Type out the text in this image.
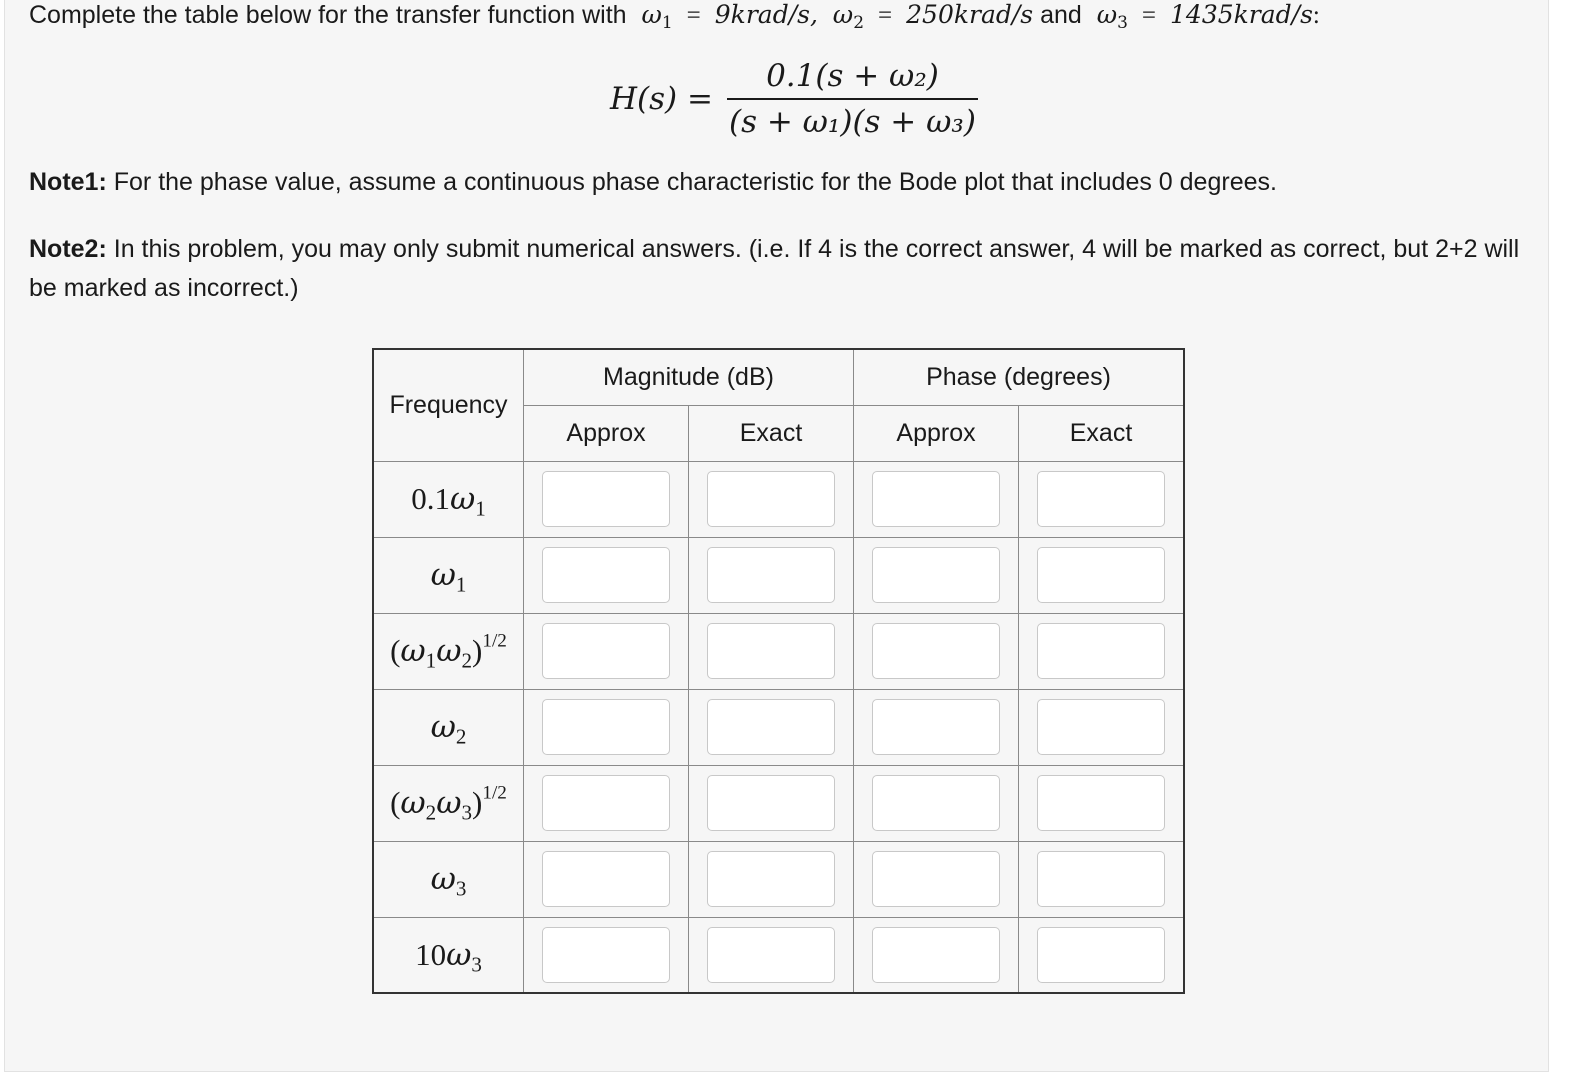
Complete the table below for the transfer function with  $\omega_1$ = 9krad/s,  $\omega_2$ = 250krad/s and  $\omega_3$ = 1435krad/s:
$H(s) = \frac{\text{0.1(s + ω₂)}}{\text{(s + ω₁)(s + ω₃)}}$
Note1: For the phase value, assume a continuous phase characteristic for the Bode plot that includes 0 degrees.
Note2: In this problem, you may only submit numerical answers. (i.e. If 4 is the correct answer, 4 will be marked as correct, but 2+2 will be marked as incorrect.)
Frequency	Magnitude (dB)		Phase (degrees)	
	Approx	Exact	Approx	Exact
$0.1\omega_1$	

$\omega_1$	

$(\omega_1\omega_2)^{1/2}$	

$\omega_2$	

$(\omega_2\omega_3)^{1/2}$	

$\omega_3$	

$10\omega_3$	
